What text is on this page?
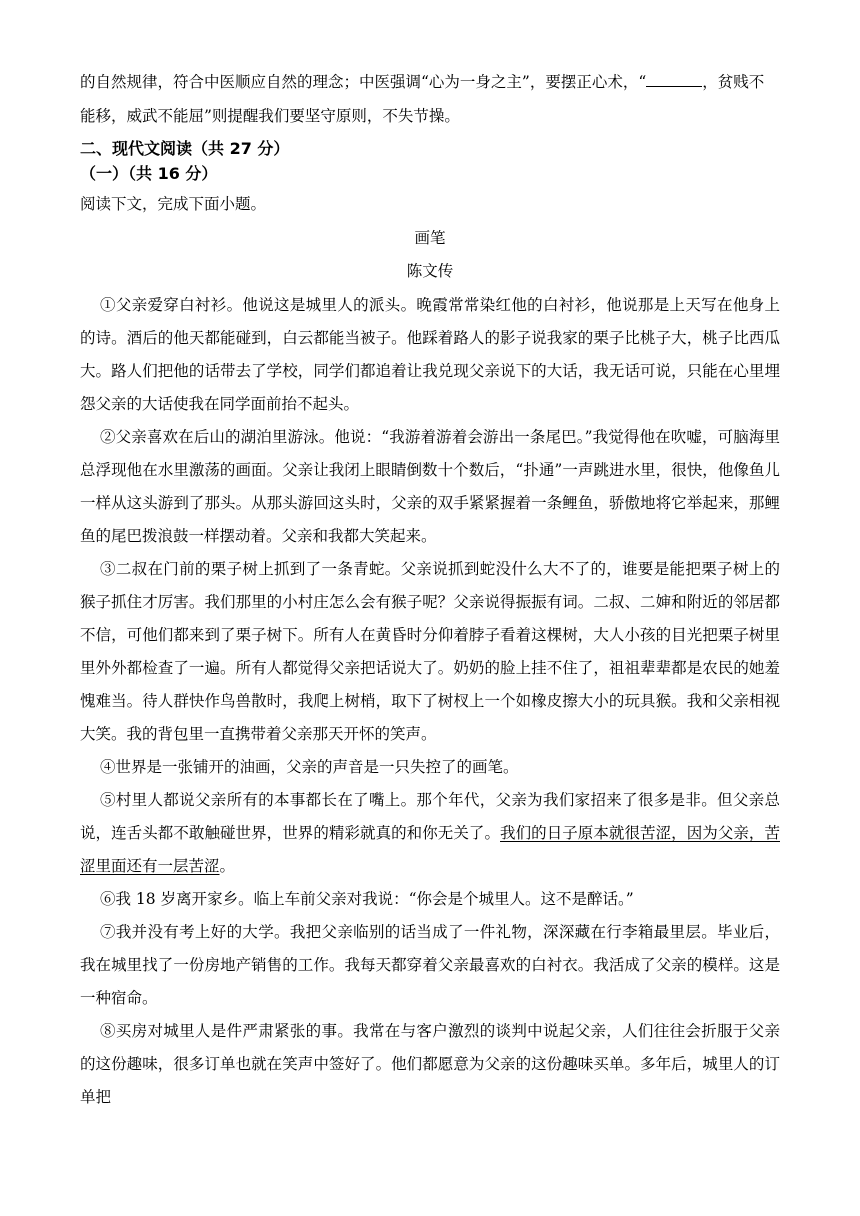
的自然规律，符合中医顺应自然的理念；中医强调“心为一身之主”，要摆正心术，“	，贫贱不
能移，威武不能屈”则提醒我们要坚守原则，不失节操。
二、现代文阅读（共 27 分）
（一）（共 16 分）
阅读下文，完成下面小题。
画笔
陈文传

①父亲爱穿白衬衫。他说这是城里人的派头。晚霞常常染红他的白衬衫，他说那是上天写在他身上的诗。酒后的他天都能碰到，白云都能当被子。他踩着路人的影子说我家的栗子比桃子大，桃子比西瓜大。路人们把他的话带去了学校，同学们都追着让我兑现父亲说下的大话，我无话可说，只能在心里埋怨父亲的大话使我在同学面前抬不起头。

②父亲喜欢在后山的湖泊里游泳。他说：“我游着游着会游出一条尾巴。”我觉得他在吹嘘，可脑海里总浮现他在水里激荡的画面。父亲让我闭上眼睛倒数十个数后，“扑通”一声跳进水里，很快，他像鱼儿一样从这头游到了那头。从那头游回这头时，父亲的双手紧紧握着一条鲤鱼，骄傲地将它举起来，那鲤鱼的尾巴拨浪鼓一样摆动着。父亲和我都大笑起来。

③二叔在门前的栗子树上抓到了一条青蛇。父亲说抓到蛇没什么大不了的，谁要是能把栗子树上的猴子抓住才厉害。我们那里的小村庄怎么会有猴子呢？父亲说得振振有词。二叔、二婶和附近的邻居都不信，可他们都来到了栗子树下。所有人在黄昏时分仰着脖子看着这棵树，大人小孩的目光把栗子树里里外外都检查了一遍。所有人都觉得父亲把话说大了。奶奶的脸上挂不住了，祖祖辈辈都是农民的她羞愧难当。待人群快作鸟兽散时，我爬上树梢，取下了树杈上一个如橡皮擦大小的玩具猴。我和父亲相视大笑。我的背包里一直携带着父亲那天开怀的笑声。

④世界是一张铺开的油画，父亲的声音是一只失控了的画笔。

⑤村里人都说父亲所有的本事都长在了嘴上。那个年代，父亲为我们家招来了很多是非。但父亲总说，连舌头都不敢触碰世界，世界的精彩就真的和你无关了。我们的日子原本就很苦涩，因为父亲，苦涩里面还有一层苦涩。

⑥我 18 岁离开家乡。临上车前父亲对我说：“你会是个城里人。这不是醉话。”

⑦我并没有考上好的大学。我把父亲临别的话当成了一件礼物，深深藏在行李箱最里层。毕业后，我在城里找了一份房地产销售的工作。我每天都穿着父亲最喜欢的白衬衣。我活成了父亲的模样。这是一种宿命。

⑧买房对城里人是件严肃紧张的事。我常在与客户激烈的谈判中说起父亲，人们往往会折服于父亲的这份趣味，很多订单也就在笑声中签好了。他们都愿意为父亲的这份趣味买单。多年后，城里人的订单把
